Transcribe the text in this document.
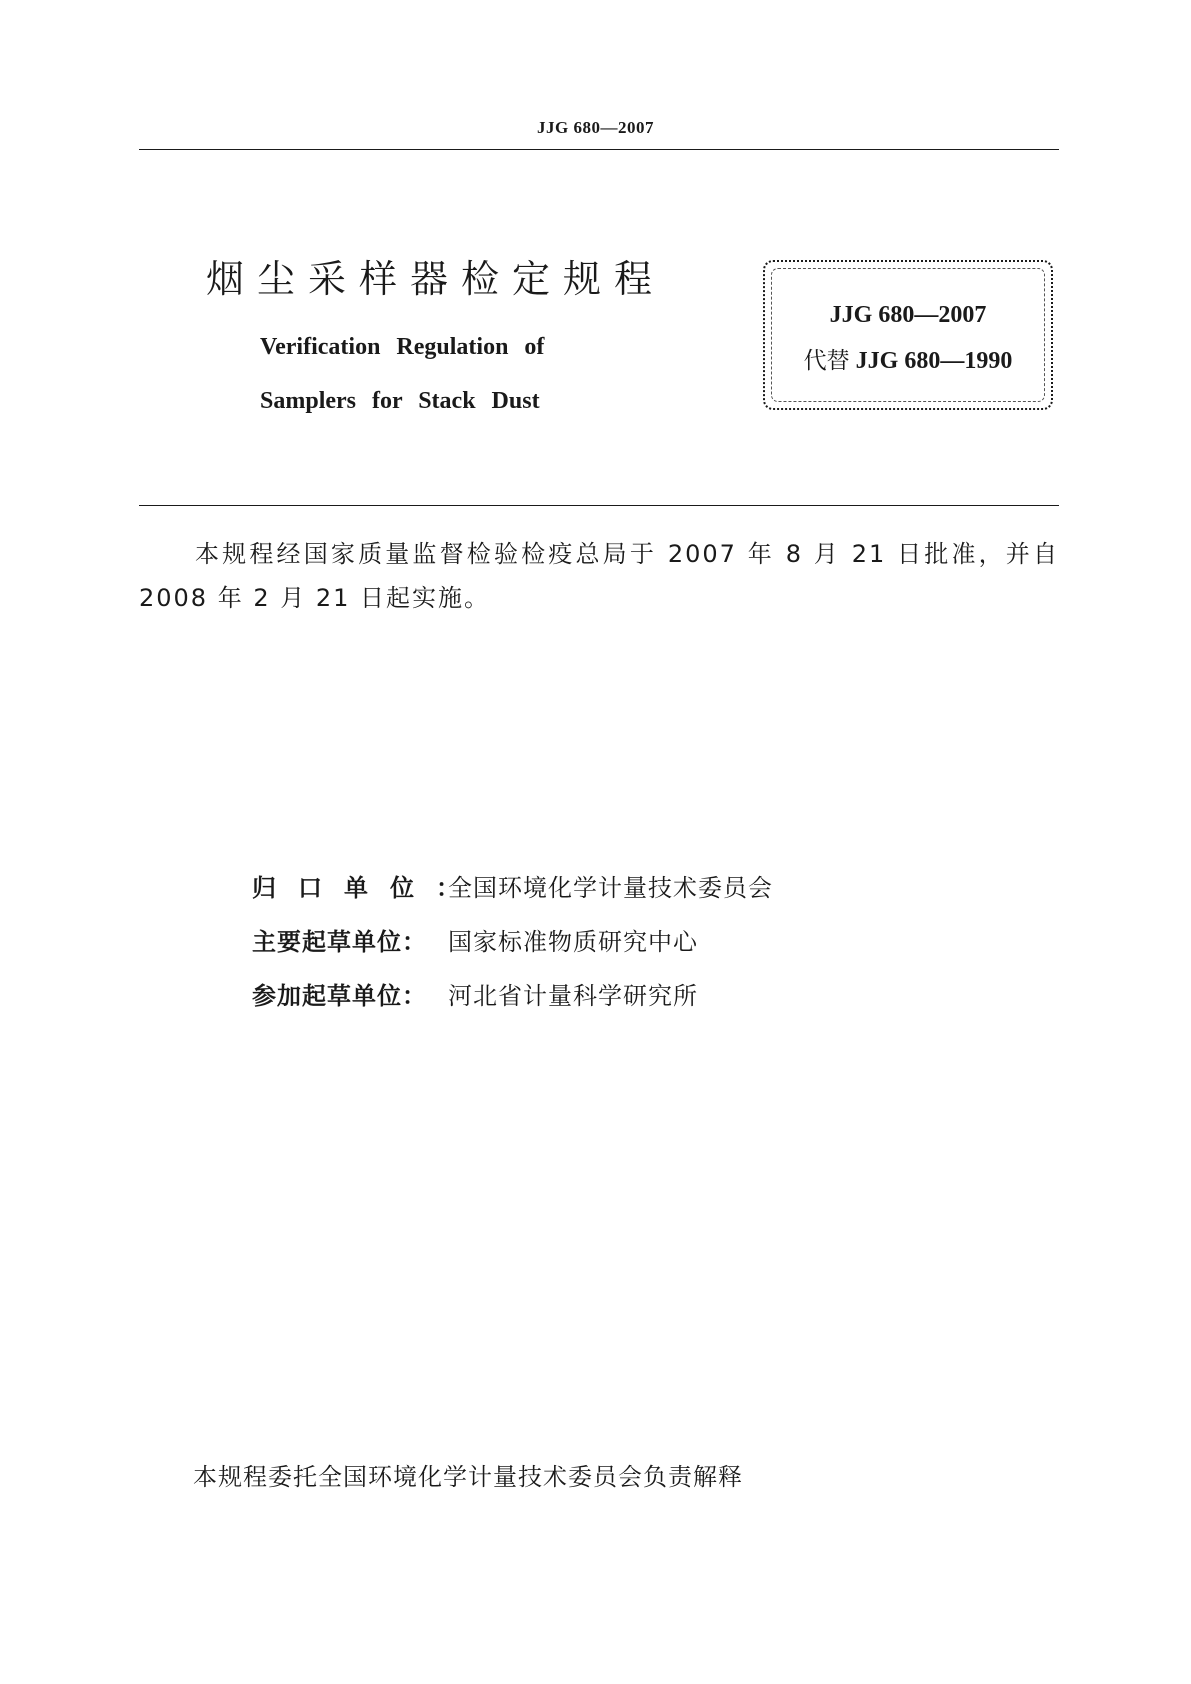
JJG 680—2007
烟尘采样器检定规程
Verification Regulation of
Samplers for Stack Dust
JJG 680—2007
代替 JJG 680—1990
本规程经国家质量监督检验检疫总局于 2007 年 8 月 21 日批准，并自 2008 年 2 月 21 日起实施。
归口单位：全国环境化学计量技术委员会
主要起草单位： 国家标准物质研究中心
参加起草单位： 河北省计量科学研究所
本规程委托全国环境化学计量技术委员会负责解释
